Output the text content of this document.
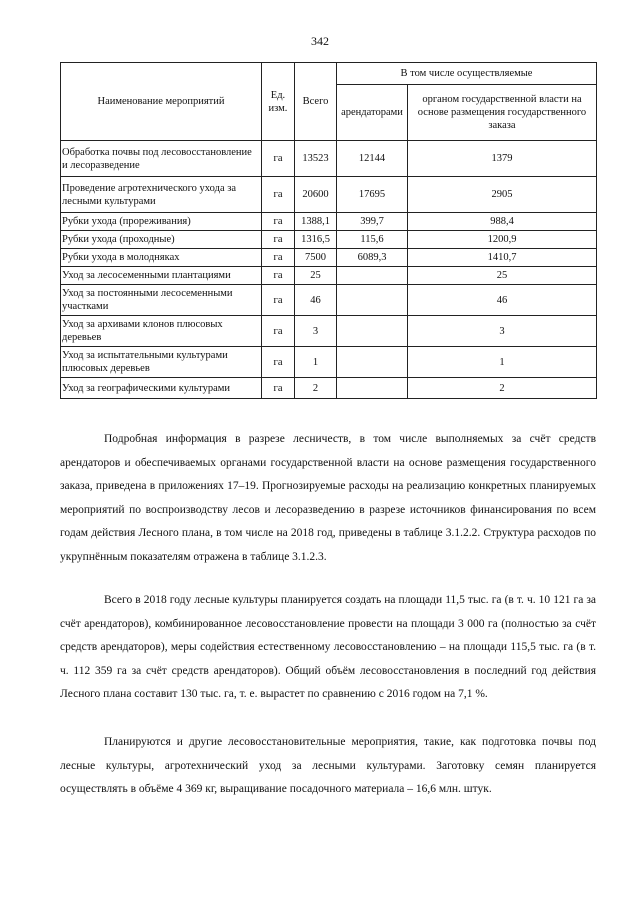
342
Наименование мероприятий	Ед. изм.	Всего	В том числе осуществляемые	
			арендаторами	органом государственной власти на основе размещения государственного заказа
Обработка почвы под лесовосстановление и лесоразведение	га	13523	12144	1379
Проведение агротехнического ухода за лесными культурами	га	20600	17695	2905
Рубки ухода (прореживания)	га	1388,1	399,7	988,4
Рубки ухода (проходные)	га	1316,5	115,6	1200,9
Рубки ухода в молодняках	га	7500	6089,3	1410,7
Уход за лесосеменными плантациями	га	25		25
Уход за постоянными лесосеменными участками	га	46		46
Уход за архивами клонов плюсовых деревьев	га	3		3
Уход за испытательными культурами плюсовых деревьев	га	1		1
Уход за географическими культурами	га	2		2

Подробная информация в разрезе лесничеств, в том числе выполняемых за счёт средств арендаторов и обеспечиваемых органами государственной власти на основе размещения государственного заказа, приведена в приложениях 17–19. Прогнозируемые расходы на реализацию конкретных планируемых мероприятий по воспроизводству лесов и лесоразведению в разрезе источников финансирования по всем годам действия Лесного плана, в том числе на 2018 год, приведены в таблице 3.1.2.2. Структура расходов по укрупнённым показателям отражена в таблице 3.1.2.3.

Всего в 2018 году лесные культуры планируется создать на площади 11,5 тыс. га (в т. ч. 10 121 га за счёт арендаторов), комбинированное лесовосстановление провести на площади 3 000 га (полностью за счёт средств арендаторов), меры содействия естественному лесовосстановлению – на площади 115,5 тыс. га (в т. ч. 112 359 га за счёт средств арендаторов). Общий объём лесовосстановления в последний год действия Лесного плана составит 130 тыс. га, т. е. вырастет по сравнению с 2016 годом на 7,1 %.

Планируются и другие лесовосстановительные мероприятия, такие, как подготовка почвы под лесные культуры, агротехнический уход за лесными культурами. Заготовку семян планируется осуществлять в объёме 4 369 кг, выращивание посадочного материала – 16,6 млн. штук.
